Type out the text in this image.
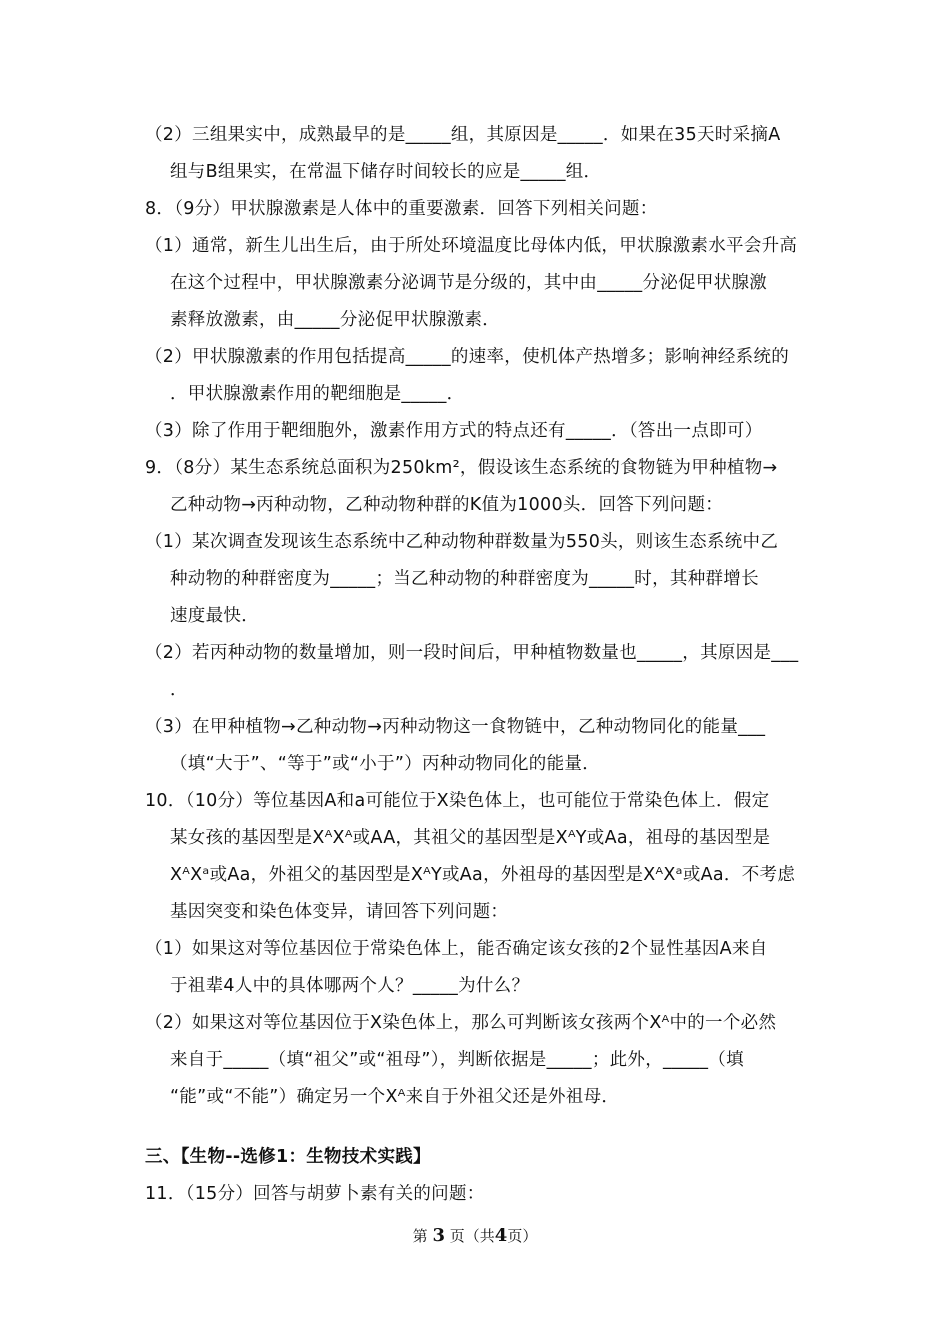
（2）三组果实中，成熟最早的是_____组，其原因是_____．如果在35天时采摘A
组与B组果实，在常温下储存时间较长的应是_____组．
8．（9分）甲状腺激素是人体中的重要激素．回答下列相关问题：
（1）通常，新生儿出生后，由于所处环境温度比母体内低，甲状腺激素水平会升高
在这个过程中，甲状腺激素分泌调节是分级的，其中由_____分泌促甲状腺激
素释放激素，由_____分泌促甲状腺激素．
（2）甲状腺激素的作用包括提高_____的速率，使机体产热增多；影响神经系统的
．甲状腺激素作用的靶细胞是_____．
（3）除了作用于靶细胞外，激素作用方式的特点还有_____．（答出一点即可）
9．（8分）某生态系统总面积为250km²，假设该生态系统的食物链为甲种植物→
乙种动物→丙种动物，乙种动物种群的K值为1000头．回答下列问题：
（1）某次调查发现该生态系统中乙种动物种群数量为550头，则该生态系统中乙
种动物的种群密度为_____；当乙种动物的种群密度为_____时，其种群增长
速度最快．
（2）若丙种动物的数量增加，则一段时间后，甲种植物数量也_____，其原因是___
．
（3）在甲种植物→乙种动物→丙种动物这一食物链中，乙种动物同化的能量___
（填“大于”、“等于”或“小于”）丙种动物同化的能量．
10．（10分）等位基因A和a可能位于X染色体上，也可能位于常染色体上．假定
某女孩的基因型是XᴬXᴬ或AA，其祖父的基因型是XᴬY或Aa，祖母的基因型是
XᴬXᵃ或Aa，外祖父的基因型是XᴬY或Aa，外祖母的基因型是XᴬXᵃ或Aa．不考虑
基因突变和染色体变异，请回答下列问题：
（1）如果这对等位基因位于常染色体上，能否确定该女孩的2个显性基因A来自
于祖辈4人中的具体哪两个人？_____为什么？
（2）如果这对等位基因位于X染色体上，那么可判断该女孩两个Xᴬ中的一个必然
来自于_____（填“祖父”或“祖母”），判断依据是_____；此外，_____（填
“能”或“不能”）确定另一个Xᴬ来自于外祖父还是外祖母．
三、【生物--选修1：生物技术实践】
11．（15分）回答与胡萝卜素有关的问题：
第 3 页（共4页）
